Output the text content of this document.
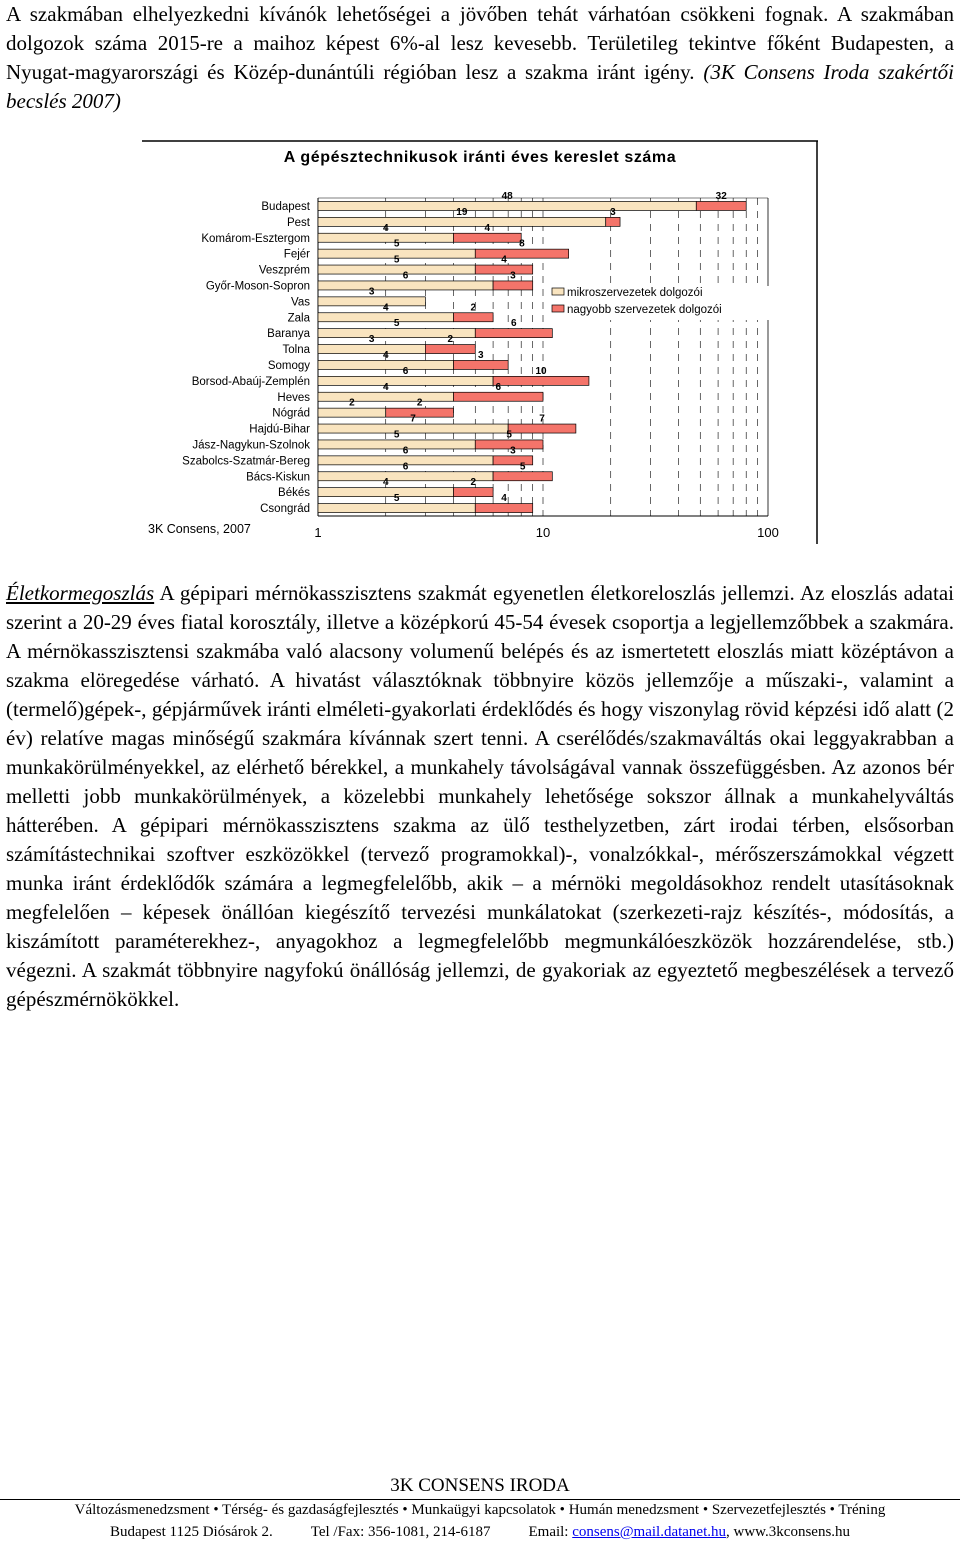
A szakmában elhelyezkedni kívánók lehetőségei a jövőben tehát várhatóan csökkeni fognak. A szakmában dolgozok száma 2015-re a maihoz képest 6%-al lesz kevesebb. Területileg tekintve főként Budapesten, a Nyugat-magyarországi és Közép-dunántúli régióban lesz a szakma iránt igény. (3K Consens Iroda szakértői becslés 2007)

A gépésztechnikusok iránti éves kereslet száma
1	10	100
3K Consens, 2007
Budapest
48	32
Pest
19	3
Komárom-Esztergom
4	4
Fejér
5	8
Veszprém
5	4
Győr-Moson-Sopron
6	3
Vas
3
Zala
4	2
Baranya
5	6
Tolna
3	2
Somogy
4	3
Borsod-Abaúj-Zemplén
6	10
Heves
4	6
Nógrád
2	2
Hajdú-Bihar
7	7
Jász-Nagykun-Szolnok
5	5
Szabolcs-Szatmár-Bereg
6	3
Bács-Kiskun
6	5
Békés
4	2
Csongrád
5	4
mikroszervezetek dolgozói
nagyobb szervezetek dolgozói

Életkormegoszlás A gépipari mérnökasszisztens szakmát egyenetlen életkoreloszlás jellemzi. Az eloszlás adatai szerint a 20-29 éves fiatal korosztály, illetve a középkorú 45-54 évesek csoportja a legjellemzőbbek a szakmára. A mérnökasszisztensi szakmába való alacsony volumenű belépés és az ismertetett eloszlás miatt középtávon a szakma elöregedése várható. A hivatást választóknak többnyire közös jellemzője a műszaki-, valamint a (termelő)gépek-, gépjárművek iránti elméleti-gyakorlati érdeklődés és hogy viszonylag rövid képzési idő alatt (2 év) relatíve magas minőségű szakmára kívánnak szert tenni. A cserélődés/szakmaváltás okai leggyakrabban a munkakörülményekkel, az elérhető bérekkel, a munkahely távolságával vannak összefüggésben. Az azonos bér melletti jobb munkakörülmények, a közelebbi munkahely lehetősége sokszor állnak a munkahelyváltás hátterében. A gépipari mérnökasszisztens szakma az ülő testhelyzetben, zárt irodai térben, elsősorban számítástechnikai szoftver eszközökkel (tervező programokkal)-, vonalzókkal-, mérőszerszámokkal végzett munka iránt érdeklődők számára a legmegfelelőbb, akik – a mérnöki megoldásokhoz rendelt utasításoknak megfelelően – képesek önállóan kiegészítő tervezési munkálatokat (szerkezeti-rajz készítés-, módosítás, a kiszámított paraméterekhez-, anyagokhoz a legmegfelelőbb megmunkálóeszközök hozzárendelése, stb.) végezni. A szakmát többnyire nagyfokú önállóság jellemzi, de gyakoriak az egyeztető megbeszélések a tervező gépészmérnökökkel.

3K CONSENS IRODA
Változásmenedzsment • Térség- és gazdaságfejlesztés • Munkaügyi kapcsolatok • Humán menedzsment • Szervezetfejlesztés • Tréning
Budapest 1125 Diósárok 2.	Tel /Fax: 356-1081, 214-6187	Email: consens@mail.datanet.hu, www.3kconsens.hu
